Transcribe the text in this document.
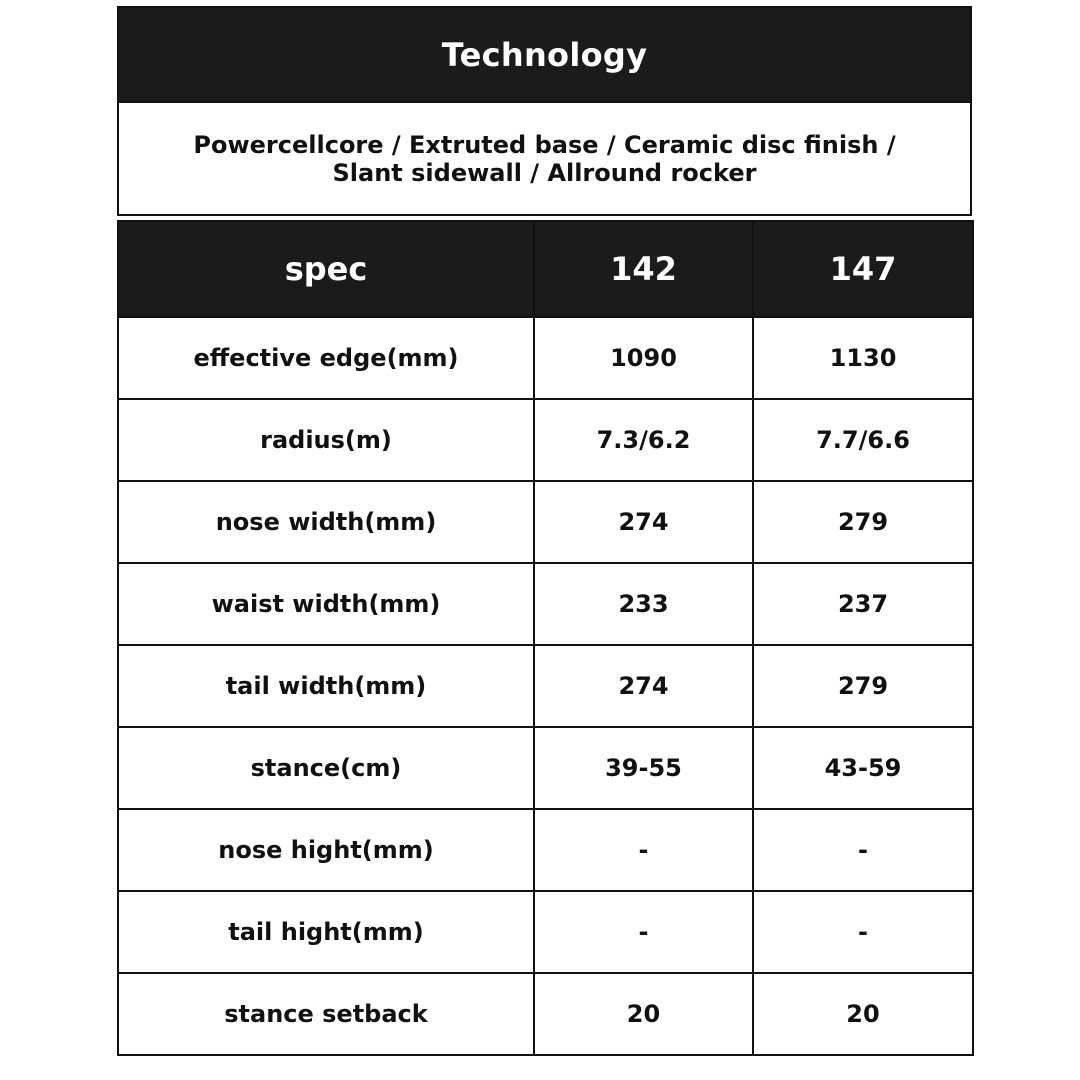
Technology
Powercellcore / Extruted base / Ceramic disc finish /
Slant sidewall / Allround rocker
spec	142	147
effective edge(mm)	1090	1130
radius(m)	7.3/6.2	7.7/6.6
nose width(mm)	274	279
waist width(mm)	233	237
tail width(mm)	274	279
stance(cm)	39-55	43-59
nose hight(mm)	-	-
tail hight(mm)	-	-
stance setback	20	20
